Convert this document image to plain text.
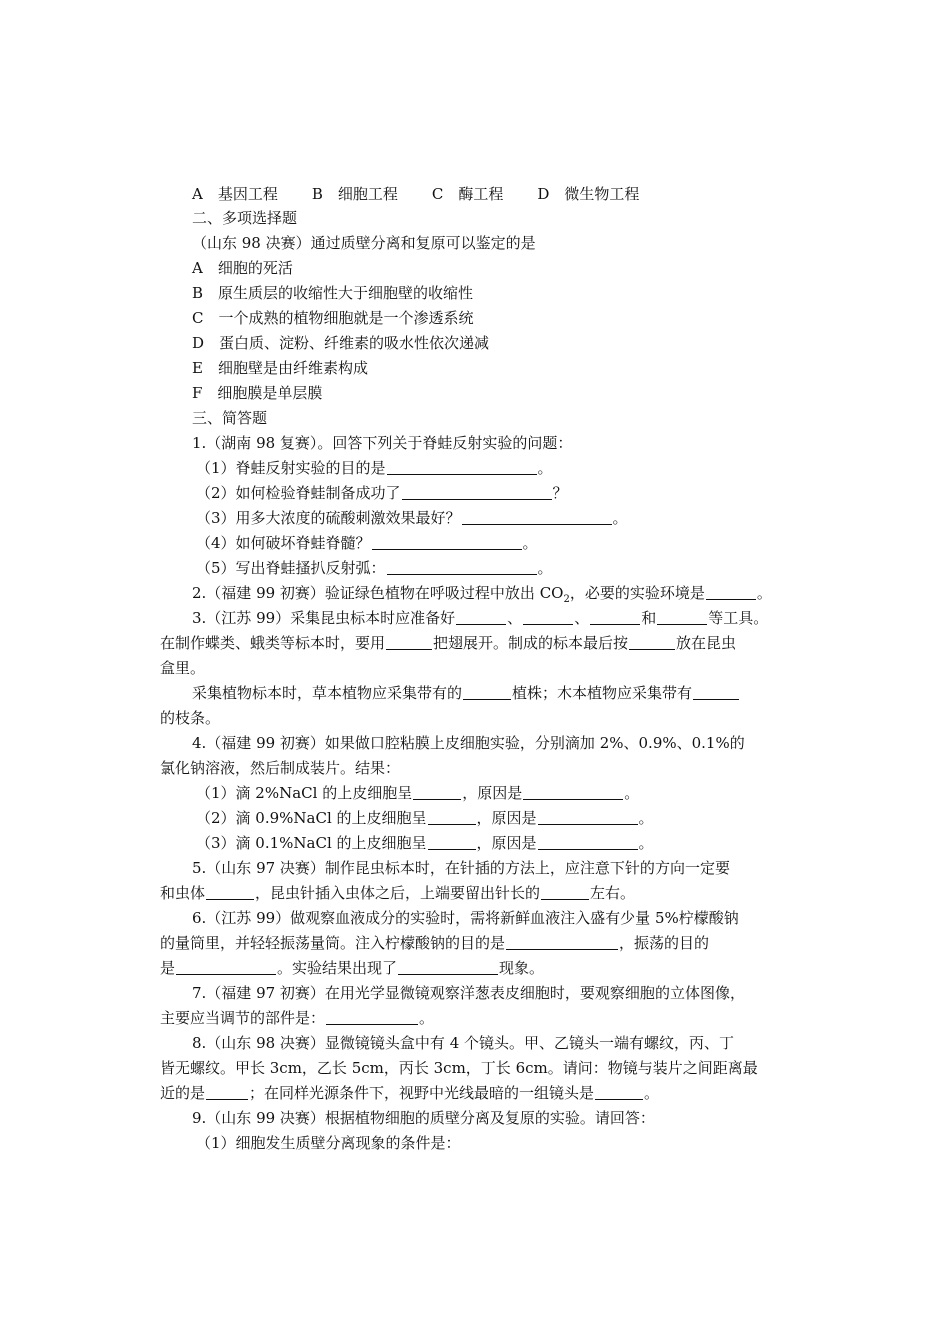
A　基因工程 B　细胞工程 C　酶工程 D　微生物工程

二、多项选择题

（山东 98 决赛）通过质壁分离和复原可以鉴定的是

A　细胞的死活

B　原生质层的收缩性大于细胞壁的收缩性

C　一个成熟的植物细胞就是一个渗透系统

D　蛋白质、淀粉、纤维素的吸水性依次递减

E　细胞壁是由纤维素构成

F　细胞膜是单层膜

三、简答题

1.（湖南 98 复赛）。回答下列关于脊蛙反射实验的问题：

（1）脊蛙反射实验的目的是	。

（2）如何检验脊蛙制备成功了	？

（3）用多大浓度的硫酸刺激效果最好？	。

（4）如何破坏脊蛙脊髓？	。

（5）写出脊蛙搔扒反射弧：	。

2.（福建 99 初赛）验证绿色植物在呼吸过程中放出 $CO_2$，必要的实验环境是	。

3.（江苏 99）采集昆虫标本时应准备好	、	、	和	等工具。

在制作蝶类、蛾类等标本时，要用	把翅展开。制成的标本最后按	放在昆虫

盒里。

采集植物标本时，草本植物应采集带有的	植株；木本植物应采集带有

的枝条。

4.（福建 99 初赛）如果做口腔粘膜上皮细胞实验，分别滴加 2%、0.9%、0.1%的

氯化钠溶液，然后制成装片。结果：

（1）滴 2%NaCl 的上皮细胞呈	，原因是	。

（2）滴 0.9%NaCl 的上皮细胞呈	，原因是	。

（3）滴 0.1%NaCl 的上皮细胞呈	，原因是	。

5.（山东 97 决赛）制作昆虫标本时，在针插的方法上，应注意下针的方向一定要

和虫体	，昆虫针插入虫体之后，上端要留出针长的	左右。

6.（江苏 99）做观察血液成分的实验时，需将新鲜血液注入盛有少量 5%柠檬酸钠

的量筒里，并轻轻振荡量筒。注入柠檬酸钠的目的是	，振荡的目的

是	。实验结果出现了	现象。

7.（福建 97 初赛）在用光学显微镜观察洋葱表皮细胞时，要观察细胞的立体图像，

主要应当调节的部件是：	。

8.（山东 98 决赛）显微镜镜头盒中有 4 个镜头。甲、乙镜头一端有螺纹，丙、丁

皆无螺纹。甲长 3cm，乙长 5cm，丙长 3cm，丁长 6cm。请问：物镜与装片之间距离最

近的是	；在同样光源条件下，视野中光线最暗的一组镜头是	。

9.（山东 99 决赛）根据植物细胞的质壁分离及复原的实验。请回答：

（1）细胞发生质壁分离现象的条件是：
